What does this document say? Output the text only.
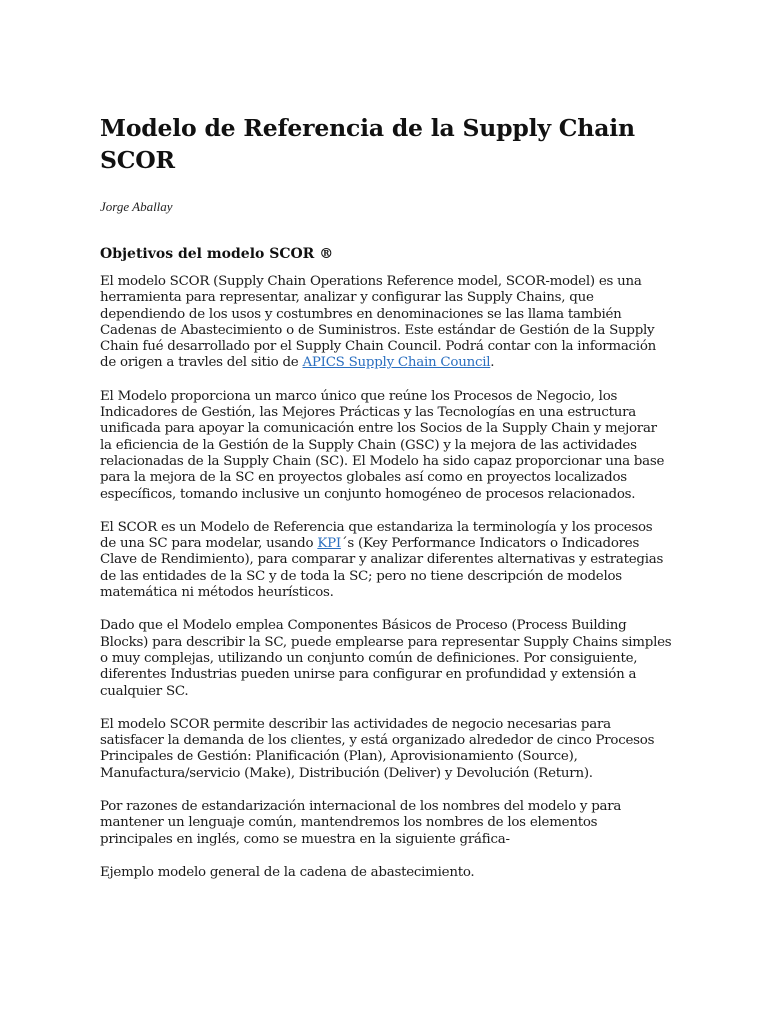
Modelo de Referencia de la Supply Chain SCOR
Jorge Aballay
Objetivos del modelo SCOR ®

El modelo SCOR (Supply Chain Operations Reference model, SCOR-model) es una herramienta para representar, analizar y configurar las Supply Chains, que dependiendo de los usos y costumbres en denominaciones se las llama también Cadenas de Abastecimiento o de Suministros. Este estándar de Gestión de la Supply Chain fué desarrollado por el Supply Chain Council. Podrá contar con la información de origen a travles del sitio de APICS Supply Chain Council.

El Modelo proporciona un marco único que reúne los Procesos de Negocio, los Indicadores de Gestión, las Mejores Prácticas y las Tecnologías en una estructura unificada para apoyar la comunicación entre los Socios de la Supply Chain y mejorar la eficiencia de la Gestión de la Supply Chain (GSC) y la mejora de las actividades relacionadas de la Supply Chain (SC). El Modelo ha sido capaz proporcionar una base para la mejora de la SC en proyectos globales así como en proyectos localizados específicos, tomando inclusive un conjunto homogéneo de procesos relacionados.

El SCOR es un Modelo de Referencia que estandariza la terminología y los procesos de una SC para modelar, usando KPI´s (Key Performance Indicators o Indicadores Clave de Rendimiento), para comparar y analizar diferentes alternativas y estrategias de las entidades de la SC y de toda la SC; pero no tiene descripción de modelos matemática ni métodos heurísticos.

Dado que el Modelo emplea Componentes Básicos de Proceso (Process Building Blocks) para describir la SC, puede emplearse para representar Supply Chains simples o muy complejas, utilizando un conjunto común de definiciones. Por consiguiente, diferentes Industrias pueden unirse para configurar en profundidad y extensión a cualquier SC.

El modelo SCOR permite describir las actividades de negocio necesarias para satisfacer la demanda de los clientes, y está organizado alrededor de cinco Procesos Principales de Gestión: Planificación (Plan), Aprovisionamiento (Source), Manufactura/servicio (Make), Distribución (Deliver) y Devolución (Return).

Por razones de estandarización internacional de los nombres del modelo y para mantener un lenguaje común, mantendremos los nombres de los elementos principales en inglés, como se muestra en la siguiente gráfica-

Ejemplo modelo general de la cadena de abastecimiento.
